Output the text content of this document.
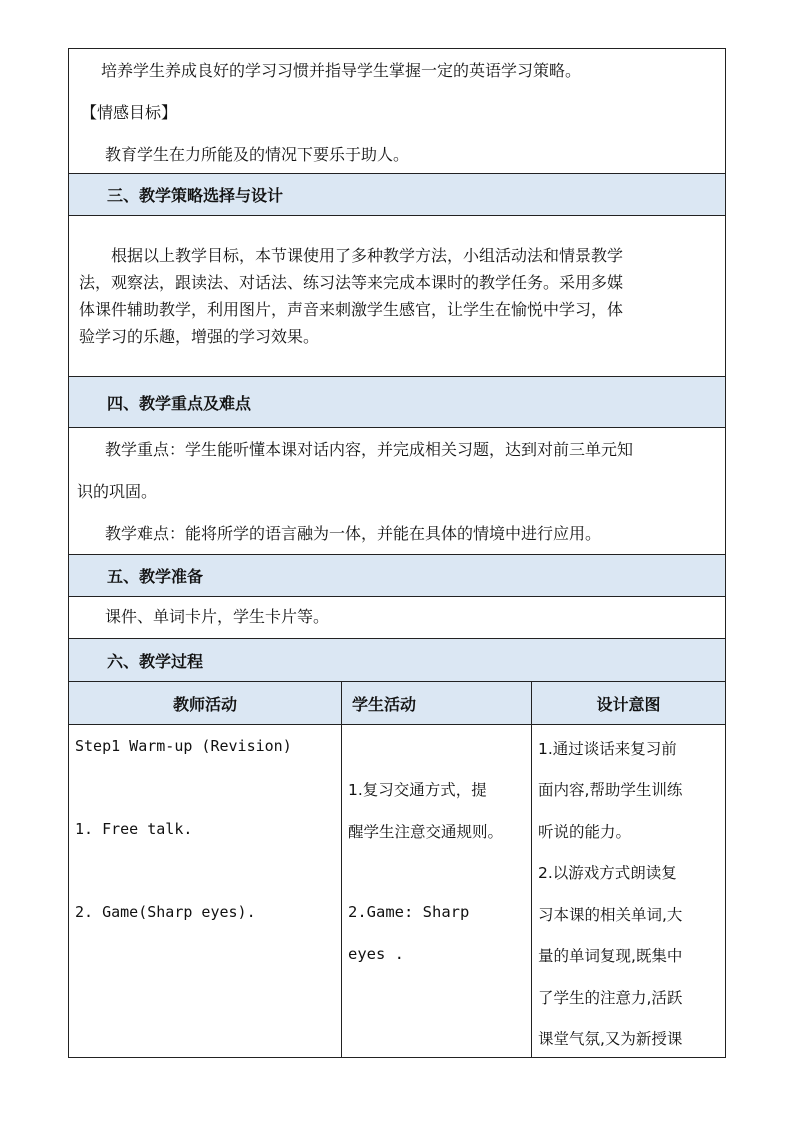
培养学生养成良好的学习习惯并指导学生掌握一定的英语学习策略。
【情感目标】
教育学生在力所能及的情况下要乐于助人。
三、教学策略选择与设计
根据以上教学目标，本节课使用了多种教学方法，小组活动法和情景教学
法，观察法，跟读法、对话法、练习法等来完成本课时的教学任务。采用多媒
体课件辅助教学，利用图片，声音来刺激学生感官，让学生在愉悦中学习，体
验学习的乐趣，增强的学习效果。
四、教学重点及难点
教学重点：学生能听懂本课对话内容，并完成相关习题，达到对前三单元知
识的巩固。
教学难点：能将所学的语言融为一体，并能在具体的情境中进行应用。
五、教学准备
课件、单词卡片，学生卡片等。
六、教学过程
教师活动	学生活动	设计意图
Step1 Warm-up (Revision)
1. Free talk.
2. Game(Sharp eyes).
1.复习交通方式，提
醒学生注意交通规则。
2.Game: Sharp
eyes .
1.通过谈话来复习前
面内容,帮助学生训练
听说的能力。
2.以游戏方式朗读复
习本课的相关单词,大
量的单词复现,既集中
了学生的注意力,活跃
课堂气氛,又为新授课
